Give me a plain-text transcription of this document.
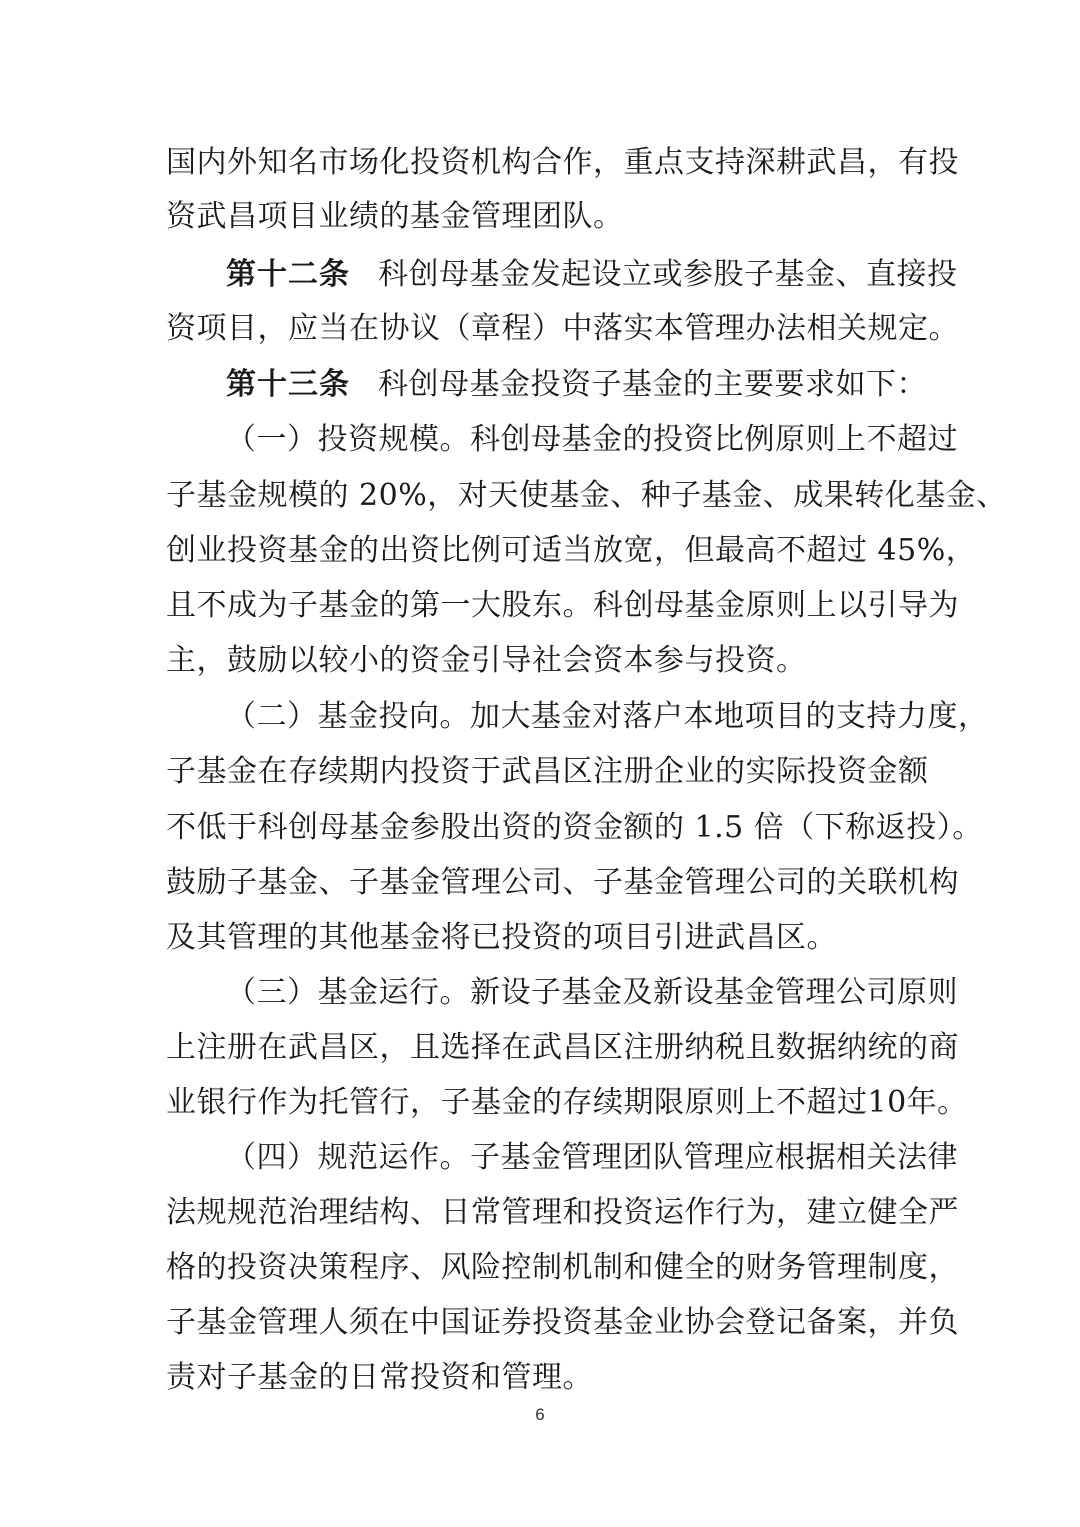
国内外知名市场化投资机构合作，重点支持深耕武昌，有投
资武昌项目业绩的基金管理团队。
第十二条 科创母基金发起设立或参股子基金、直接投
资项目，应当在协议（章程）中落实本管理办法相关规定。
第十三条 科创母基金投资子基金的主要要求如下：
（一）投资规模。科创母基金的投资比例原则上不超过
子基金规模的 20%，对天使基金、种子基金、成果转化基金、
创业投资基金的出资比例可适当放宽，但最高不超过 45%，
且不成为子基金的第一大股东。科创母基金原则上以引导为
主，鼓励以较小的资金引导社会资本参与投资。
（二）基金投向。加大基金对落户本地项目的支持力度，
子基金在存续期内投资于武昌区注册企业的实际投资金额
不低于科创母基金参股出资的资金额的 1.5 倍（下称返投）。
鼓励子基金、子基金管理公司、子基金管理公司的关联机构
及其管理的其他基金将已投资的项目引进武昌区。
（三）基金运行。新设子基金及新设基金管理公司原则
上注册在武昌区，且选择在武昌区注册纳税且数据纳统的商
业银行作为托管行，子基金的存续期限原则上不超过10年。
（四）规范运作。子基金管理团队管理应根据相关法律
法规规范治理结构、日常管理和投资运作行为，建立健全严
格的投资决策程序、风险控制机制和健全的财务管理制度，
子基金管理人须在中国证券投资基金业协会登记备案，并负
责对子基金的日常投资和管理。
6
